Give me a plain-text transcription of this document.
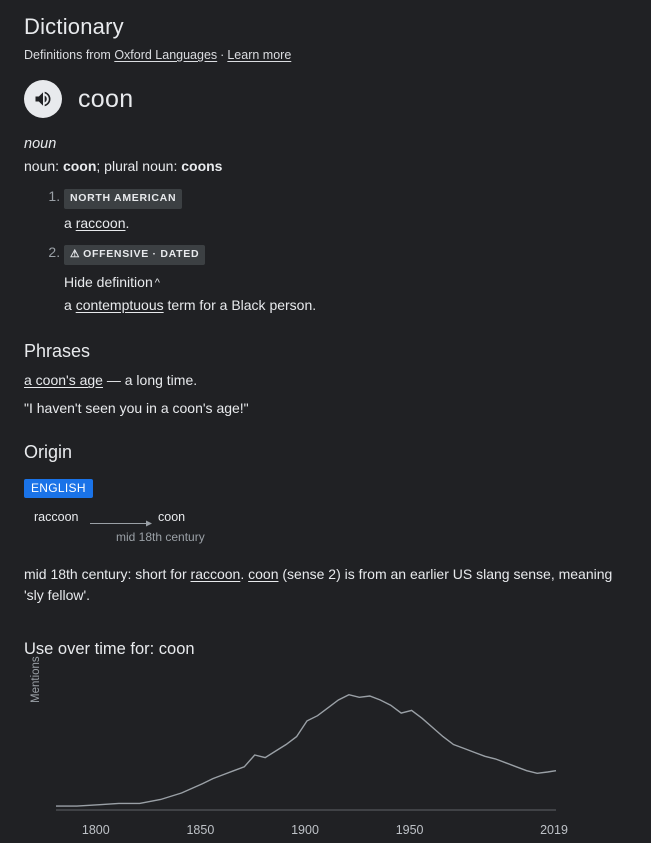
Dictionary
Definitions from Oxford Languages · Learn more
coon
noun
noun: coon; plural noun: coons
1. NORTH AMERICAN
a raccoon.
2. ⚠ OFFENSIVE · DATED
Hide definition ^
a contemptuous term for a Black person.
Phrases
a coon's age — a long time.
"I haven't seen you in a coon's age!"
Origin
ENGLISH
raccoon	coon
mid 18th century
mid 18th century: short for raccoon. coon (sense 2) is from an earlier US slang sense, meaning 'sly fellow'.
Use over time for: coon
Mentions
1800	1850	1900	1950	2019
